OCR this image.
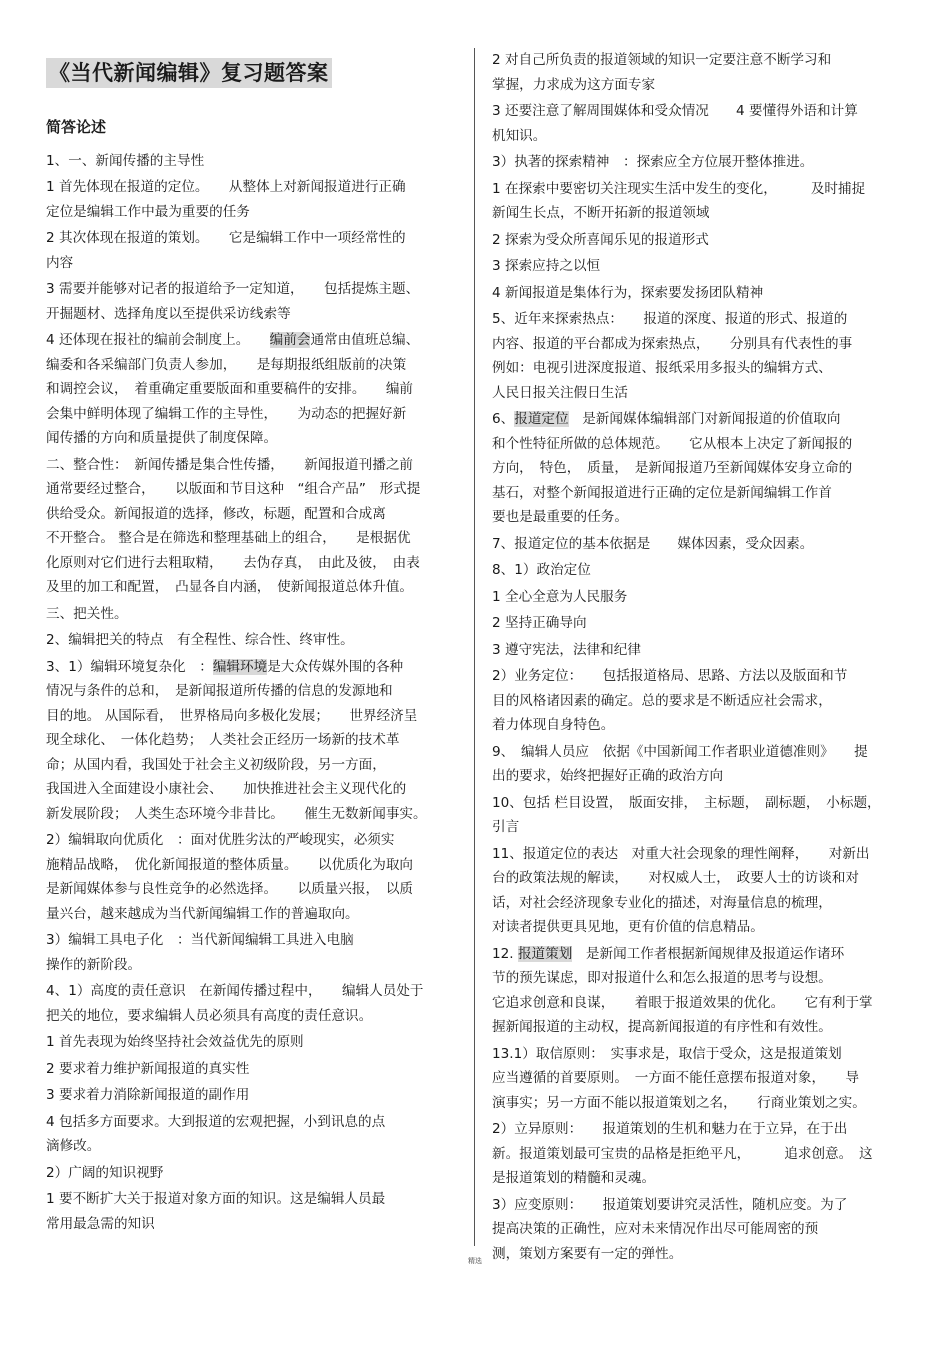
《当代新闻编辑》复习题答案
简答论述
1、一、新闻传播的主导性
1 首先体现在报道的定位。　　从整体上对新闻报道进行正确
定位是编辑工作中最为重要的任务
2 其次体现在报道的策划。　　它是编辑工作中一项经常性的
内容
3 需要并能够对记者的报道给予一定知道，　　包括提炼主题、
开掘题材、选择角度以至提供采访线索等
4 还体现在报社的编前会制度上。　　编前会通常由值班总编、
编委和各采编部门负责人参加，　　是每期报纸组版前的决策
和调控会议，　着重确定重要版面和重要稿件的安排。　　编前
会集中鲜明体现了编辑工作的主导性，　　为动态的把握好新
闻传播的方向和质量提供了制度保障。
二、整合性：　新闻传播是集合性传播，　　新闻报道刊播之前
通常要经过整合，　　以版面和节目这种　“组合产品”　形式提
供给受众。新闻报道的选择，修改，标题，配置和合成离
不开整合。 整合是在筛选和整理基础上的组合，　　是根据优
化原则对它们进行去粗取精，　　去伪存真，　由此及彼，　由表
及里的加工和配置，　凸显各自内涵，　使新闻报道总体升值。
三、把关性。
2、编辑把关的特点　有全程性、综合性、终审性。
3、1）编辑环境复杂化　：编辑环境是大众传媒外围的各种
情况与条件的总和，　是新闻报道所传播的信息的发源地和
目的地。 从国际看，　世界格局向多极化发展；　　世界经济呈
现全球化、　一体化趋势；　人类社会正经历一场新的技术革
命；从国内看，我国处于社会主义初级阶段，另一方面，
我国进入全面建设小康社会、　　加快推进社会主义现代化的
新发展阶段；　人类生态环境今非昔比。　　催生无数新闻事实。
2）编辑取向优质化　：面对优胜劣汰的严峻现实，必须实
施精品战略，　优化新闻报道的整体质量。　　以优质化为取向
是新闻媒体参与良性竞争的必然选择。　　以质量兴报，　以质
量兴台，越来越成为当代新闻编辑工作的普遍取向。
3）编辑工具电子化　：当代新闻编辑工具进入电脑
操作的新阶段。
4、1）高度的责任意识　在新闻传播过程中，　　编辑人员处于
把关的地位，要求编辑人员必须具有高度的责任意识。
1 首先表现为始终坚持社会效益优先的原则
2 要求着力维护新闻报道的真实性
3 要求着力消除新闻报道的副作用
4 包括多方面要求。大到报道的宏观把握，小到讯息的点
滴修改。
2）广阔的知识视野
1 要不断扩大关于报道对象方面的知识。这是编辑人员最
常用最急需的知识
2 对自己所负责的报道领域的知识一定要注意不断学习和
掌握，力求成为这方面专家
3 还要注意了解周围媒体和受众情况　　4 要懂得外语和计算
机知识。
3）执著的探索精神　：探索应全方位展开整体推进。
1 在探索中要密切关注现实生活中发生的变化，　　　及时捕捉
新闻生长点，不断开拓新的报道领域
2 探索为受众所喜闻乐见的报道形式
3 探索应持之以恒
4 新闻报道是集体行为，探索要发扬团队精神
5、近年来探索热点：　　报道的深度、报道的形式、报道的
内容、报道的平台都成为探索热点，　　分别具有代表性的事
例如：电视引进深度报道、报纸采用多报头的编辑方式、
人民日报关注假日生活
6、报道定位　是新闻媒体编辑部门对新闻报道的价值取向
和个性特征所做的总体规范。　　它从根本上决定了新闻报的
方向，　特色，　质量，　是新闻报道乃至新闻媒体安身立命的
基石，对整个新闻报道进行正确的定位是新闻编辑工作首
要也是最重要的任务。
7、报道定位的基本依据是　　媒体因素，受众因素。
8、1）政治定位
1 全心全意为人民服务
2 坚持正确导向
3 遵守宪法，法律和纪律
2）业务定位：　　包括报道格局、思路、方法以及版面和节
目的风格诸因素的确定。总的要求是不断适应社会需求，
着力体现自身特色。
9、　编辑人员应　依据《中国新闻工作者职业道德准则》　　提
出的要求，始终把握好正确的政治方向
10、包括 栏目设置，　版面安排，　主标题，　副标题，　小标题，
引言
11、报道定位的表达　对重大社会现象的理性阐释，　　对新出
台的政策法规的解读，　　对权威人士，　政要人士的访谈和对
话，对社会经济现象专业化的描述，对海量信息的梳理，
对读者提供更具见地，更有价值的信息精品。
12. 报道策划　是新闻工作者根据新闻规律及报道运作诸环
节的预先谋虑，即对报道什么和怎么报道的思考与设想。
它追求创意和良谋，　　着眼于报道效果的优化。　　它有利于掌
握新闻报道的主动权，提高新闻报道的有序性和有效性。
13.1）取信原则：　实事求是，取信于受众，这是报道策划
应当遵循的首要原则。　一方面不能任意摆布报道对象，　　导
演事实；另一方面不能以报道策划之名，　　行商业策划之实。
2）立异原则：　　报道策划的生机和魅力在于立异，在于出
新。报道策划最可宝贵的品格是拒绝平凡，　　　追求创意。　这
是报道策划的精髓和灵魂。
3）应变原则：　　报道策划要讲究灵活性，随机应变。为了
提高决策的正确性，应对未来情况作出尽可能周密的预
测，策划方案要有一定的弹性。
精选
